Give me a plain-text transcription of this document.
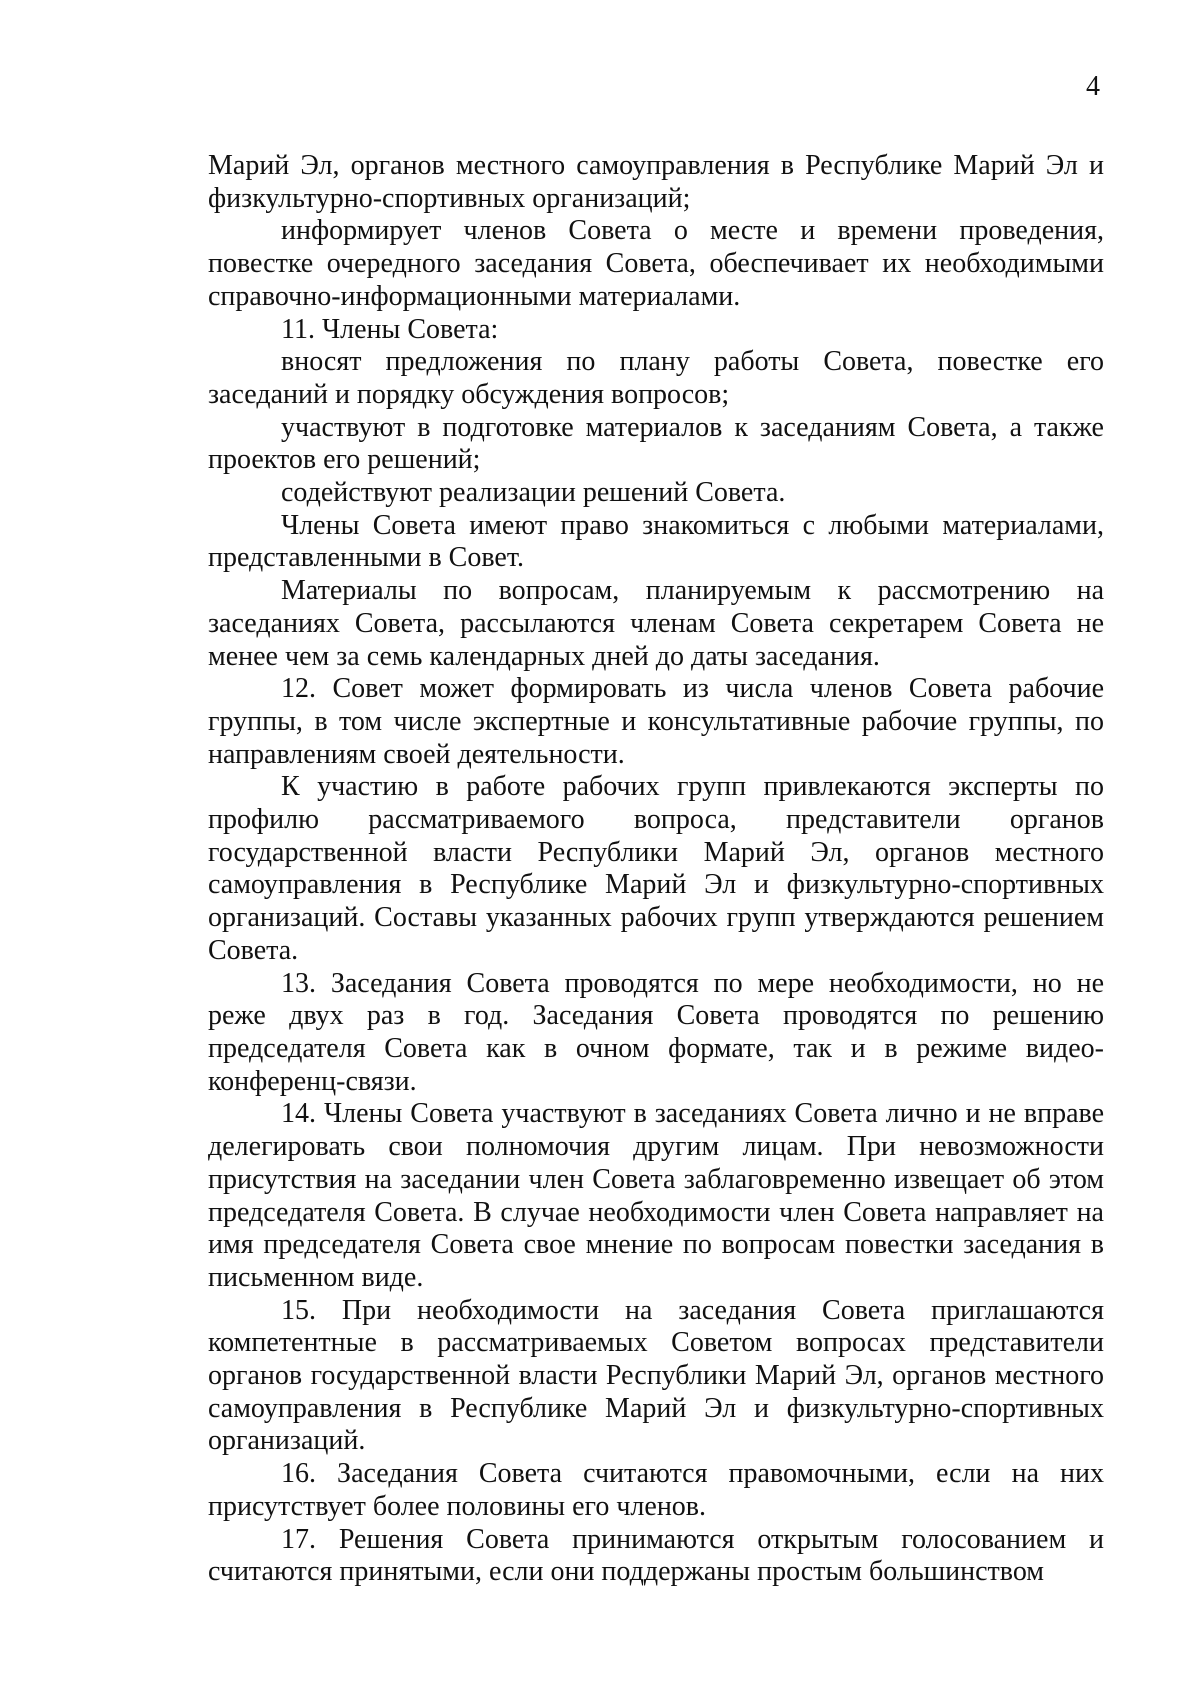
4

Марий Эл, органов местного самоуправления в Республике Марий Эл и физкультурно-спортивных организаций;

информирует членов Совета о месте и времени проведения, повестке очередного заседания Совета, обеспечивает их необходимыми справочно-информационными материалами.

11. Члены Совета:

вносят предложения по плану работы Совета, повестке его заседаний и порядку обсуждения вопросов;

участвуют в подготовке материалов к заседаниям Совета, а также проектов его решений;

содействуют реализации решений Совета.

Члены Совета имеют право знакомиться с любыми материалами, представленными в Совет.

Материалы по вопросам, планируемым к рассмотрению на заседаниях Совета, рассылаются членам Совета секретарем Совета не менее чем за семь календарных дней до даты заседания.

12. Совет может формировать из числа членов Совета рабочие группы, в том числе экспертные и консультативные рабочие группы, по направлениям своей деятельности.

К участию в работе рабочих групп привлекаются эксперты по профилю рассматриваемого вопроса, представители органов государственной власти Республики Марий Эл, органов местного самоуправления в Республике Марий Эл и физкультурно-спортивных организаций. Составы указанных рабочих групп утверждаются решением Совета.

13. Заседания Совета проводятся по мере необходимости, но не реже двух раз в год. Заседания Совета проводятся по решению председателя Совета как в очном формате, так и в режиме видео-конференц-связи.

14. Члены Совета участвуют в заседаниях Совета лично и не вправе делегировать свои полномочия другим лицам. При невозможности присутствия на заседании член Совета заблаговременно извещает об этом председателя Совета. В случае необходимости член Совета направляет на имя председателя Совета свое мнение по вопросам повестки заседания в письменном виде.

15. При необходимости на заседания Совета приглашаются компетентные в рассматриваемых Советом вопросах представители органов государственной власти Республики Марий Эл, органов местного самоуправления в Республике Марий Эл и физкультурно-спортивных организаций.

16. Заседания Совета считаются правомочными, если на них присутствует более половины его членов.

17. Решения Совета принимаются открытым голосованием и считаются принятыми, если они поддержаны простым большинством
